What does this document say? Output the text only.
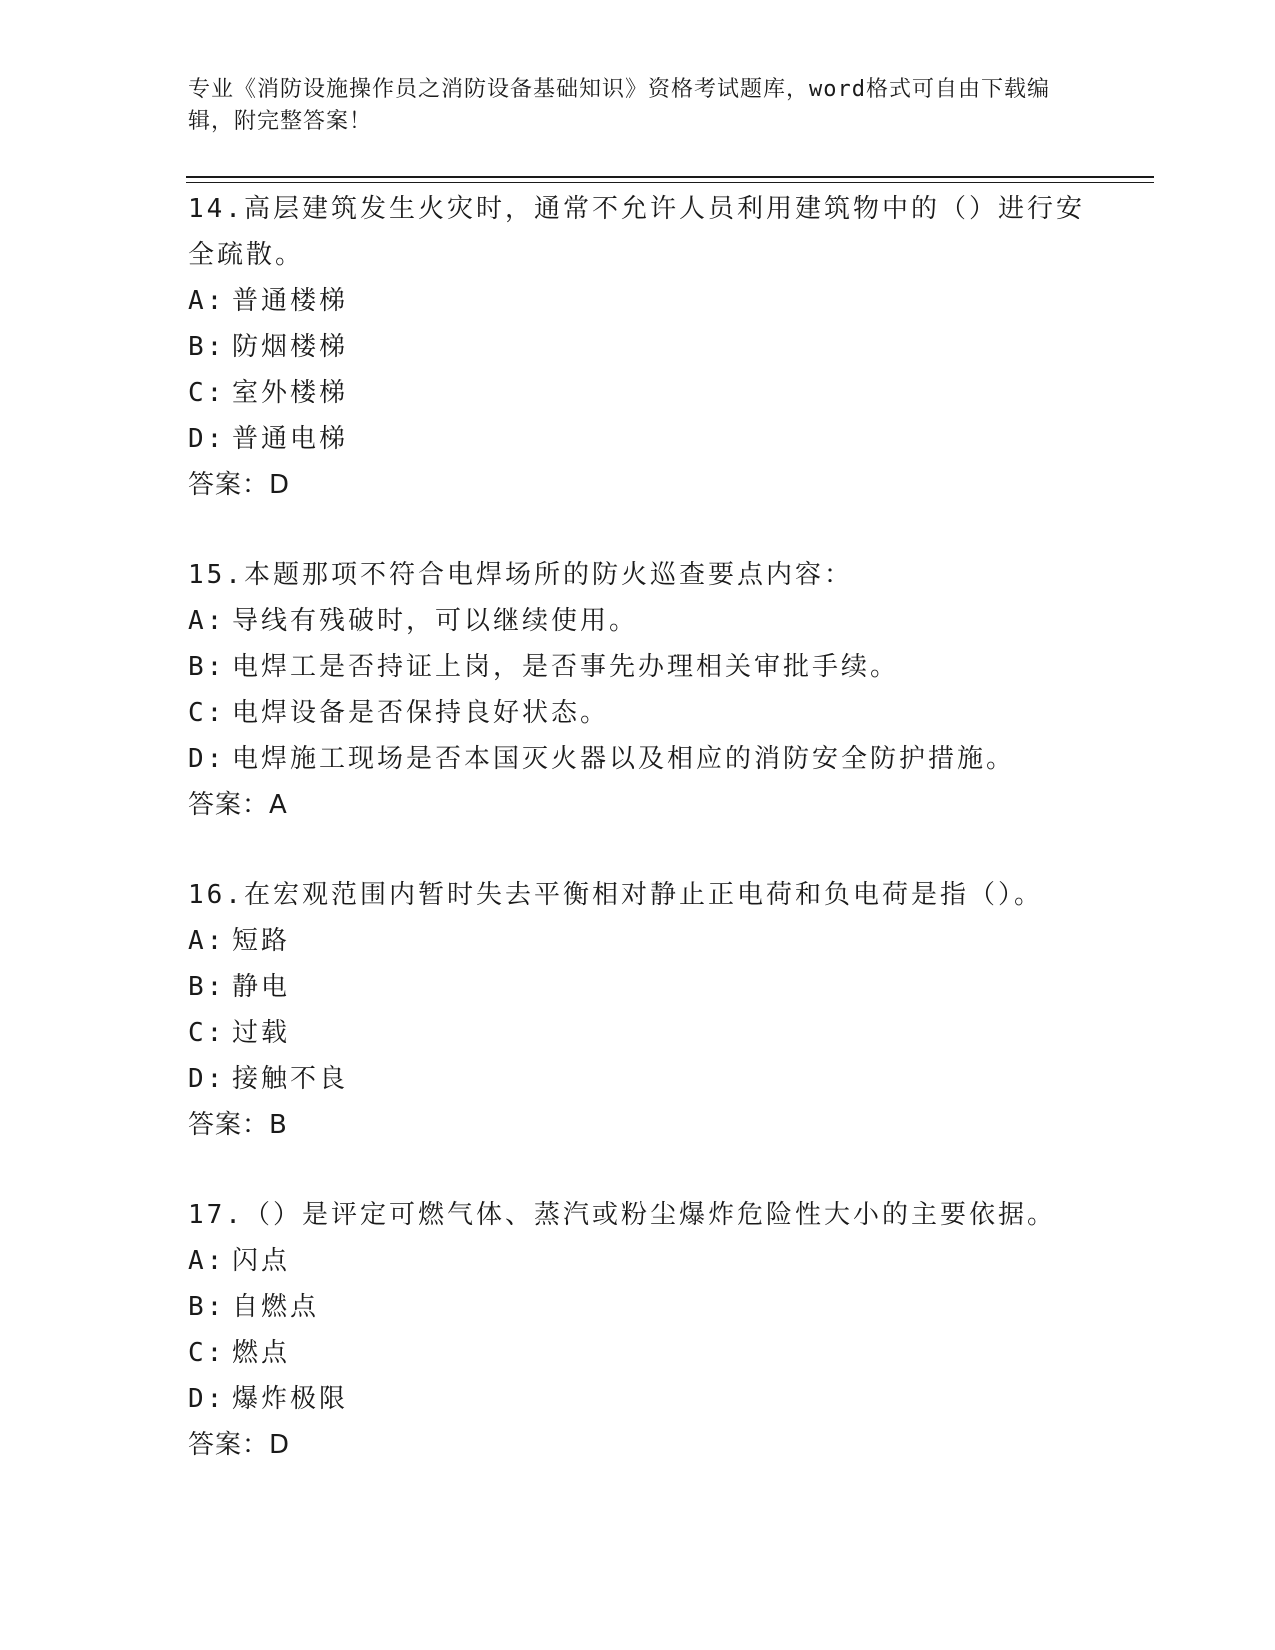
专业《消防设施操作员之消防设备基础知识》资格考试题库，word格式可自由下载编辑，附完整答案！

14.高层建筑发生火灾时，通常不允许人员利用建筑物中的（）进行安全疏散。

A: 普通楼梯

B: 防烟楼梯

C: 室外楼梯

D: 普通电梯

答案：D

15.本题那项不符合电焊场所的防火巡查要点内容：

A: 导线有残破时，可以继续使用。

B: 电焊工是否持证上岗，是否事先办理相关审批手续。

C: 电焊设备是否保持良好状态。

D: 电焊施工现场是否本国灭火器以及相应的消防安全防护措施。

答案：A

16.在宏观范围内暂时失去平衡相对静止正电荷和负电荷是指（）。

A: 短路

B: 静电

C: 过载

D: 接触不良

答案：B

17.（）是评定可燃气体、蒸汽或粉尘爆炸危险性大小的主要依据。

A: 闪点

B: 自燃点

C: 燃点

D: 爆炸极限

答案：D
